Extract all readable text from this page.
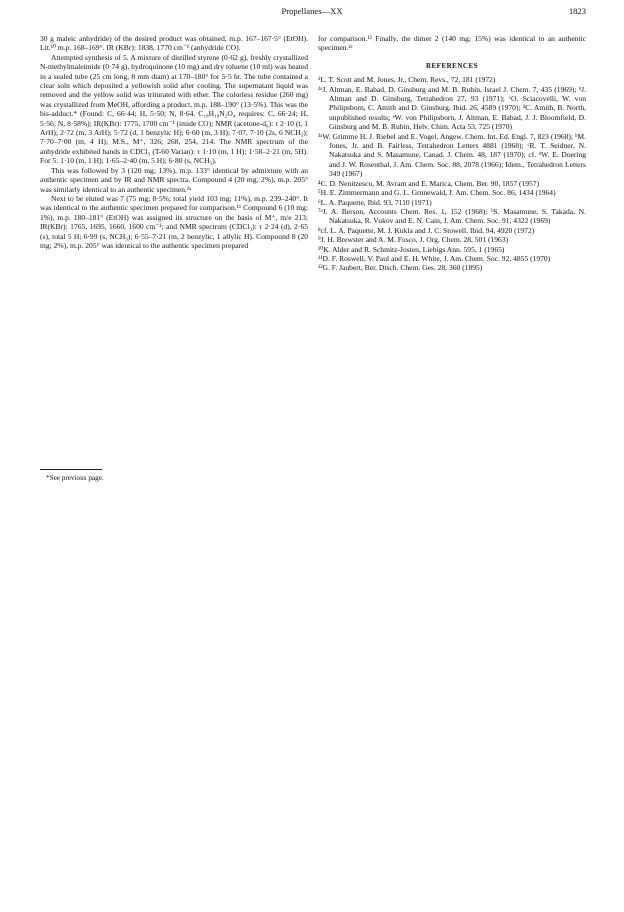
Propellanes—XX	1823

30 g maleic anhydride) of the desired product was obtained, m.p. 167–167·5° (EtOH). Lit.¹⁰ m.p. 168–169°. IR (KBr): 1838, 1770 cm⁻¹ (anhydride CO).

Attempted synthesis of 5. A mixture of distilled styrene (0·62 g), freshly crystallized N-methylmaleimide (0·74 g), hydroquinone (10 mg) and dry toluene (10 ml) was heated in a sealed tube (25 cm long, 8 mm diam) at 170–180° for 5·5 hr. The tube contained a clear soln which deposited a yellowish solid after cooling. The supernatant liquid was removed and the yellow solid was triturated with ether. The colorless residue (260 mg) was crystallized from MeOH, affording a product, m.p. 188–190° (13·5%). This was the bis-adduct.* (Found: C, 66·44; H, 5·50; N, 8·64. C₁₈H₁₈N₂O₄ requires: C, 66·24; H, 5·56; N, 8·58%); IR(KBr): 1775, 1700 cm⁻¹ (imide CO); NMR (acetone-d₆): τ 2·10 (t, 1 ArH); 2·72 (m, 3 ArH); 5·72 (d, 1 benzylic H); 6·60 (m, 3 H); 7·07, 7·10 (2s, 6 NCH₃); 7·70–7·00 (m, 4 H); M.S., M⁺, 326; 268, 254, 214. The NMR spectrum of the anhydride exhibited bands in CDCl₃ (T-60 Varian): τ 1·10 (m, 1 H); 1·58–2·21 (m, 5H). For 5: 1·10 (m, 1 H); 1·65–2·40 (m, 5 H); 6·80 (s, NCH₃).

This was followed by 3 (120 mg; 13%), m.p. 133° identical by admixture with an authentic specimen and by IR and NMR spectra. Compound 4 (20 mg; 2%), m.p. 205° was similarly identical to an authentic specimen.²ᵃ

Next to be eluted was 7 (75 mg; 8·5%; total yield 103 mg; 11%), m.p. 239–240°. It was identical to the authentic specimen prepared for comparison.¹¹ Compound 6 (10 mg; 1%), m.p. 180–181° (EtOH) was assigned its structure on the basis of M⁺, m/e 213; IR(KBr): 1765, 1695, 1660, 1600 cm⁻¹; and NMR spectrum (CDCl₃): τ 2·24 (d), 2·65 (s), total 5 H; 6·99 (s, NCH₃); 6·55–7·21 (m, 2 benzylic, 1 allylic H). Compound 8 (20 mg; 2%), m.p. 205° was identical to the authentic specimen prepared

*See previous page.

for comparison.¹² Finally, the dimer 2 (140 mg; 15%) was identical to an authentic specimen.²ᶜ

REFERENCES

¹L. T. Scott and M. Jones, Jr., Chem. Revs., 72, 181 (1972)

²ᵃJ. Altman, E. Babad, D. Ginsburg and M. B. Rubin, Israel J. Chem. 7, 435 (1969); ᵇJ. Altman and D. Ginsburg, Tetrahedron 27, 93 (1971); ᶜO. Sciacovelli, W. von Philipsborn, C. Amith and D. Ginsburg, Ibid. 26, 4589 (1970); ᵈC. Amith, B. North, unpublished results; ᵉW. von Philipsborn, J. Altman, E. Babad, J. J. Bloomfield, D. Ginsburg and M. B. Rubin, Helv. Chim. Acta 53, 725 (1970)

³ᵃW. Grimme H. J. Riebel and E. Vogel, Angew. Chem. Int. Ed. Engl. 7, 823 (1968); ᵇM. Jones, Jr. and B. Fairless, Tetrahedron Letters 4881 (1968); ᶜR. T. Seidner, N. Nakatsuka and S. Masamune, Canad. J. Chem. 48, 187 (1970); cf. ᵈW. E. Doering and J. W. Rosenthal, J. Am. Chem. Soc. 88, 2078 (1966); Idem., Tetrahedron Letters 349 (1967)

⁴C. D. Nenitzescu, M. Avram and E. Marica, Chem. Ber. 90, 1857 (1957)

⁵H. E. Zimmermann and G. L. Grunewald, J. Am. Chem. Soc. 86, 1434 (1964)

⁶L. A. Paquette, Ibid. 93, 7110 (1971)

⁷ᵃJ. A. Berson, Accounts Chem. Res. 1, 152 (1968); ᵇS. Masamune, S. Takada, N. Nakatsuka, R. Vukov and E. N. Cain, J. Am. Chem. Soc. 91, 4322 (1969)

⁸cf. L. A. Paquette, M. J. Kukla and J. C. Stowell, Ibid. 94, 4920 (1972)

⁹J. H. Brewster and A. M. Fusco, J. Org. Chem. 28, 501 (1963)

¹⁰K. Alder and R. Schmitz-Josten, Liebigs Ann. 595, 1 (1965)

¹¹D. F. Roswell, V. Paul and E. H. White, J. Am. Chem. Soc. 92, 4855 (1970)

¹²G. F. Jaubert, Ber. Dtsch. Chem. Ges. 28, 360 (1895)
